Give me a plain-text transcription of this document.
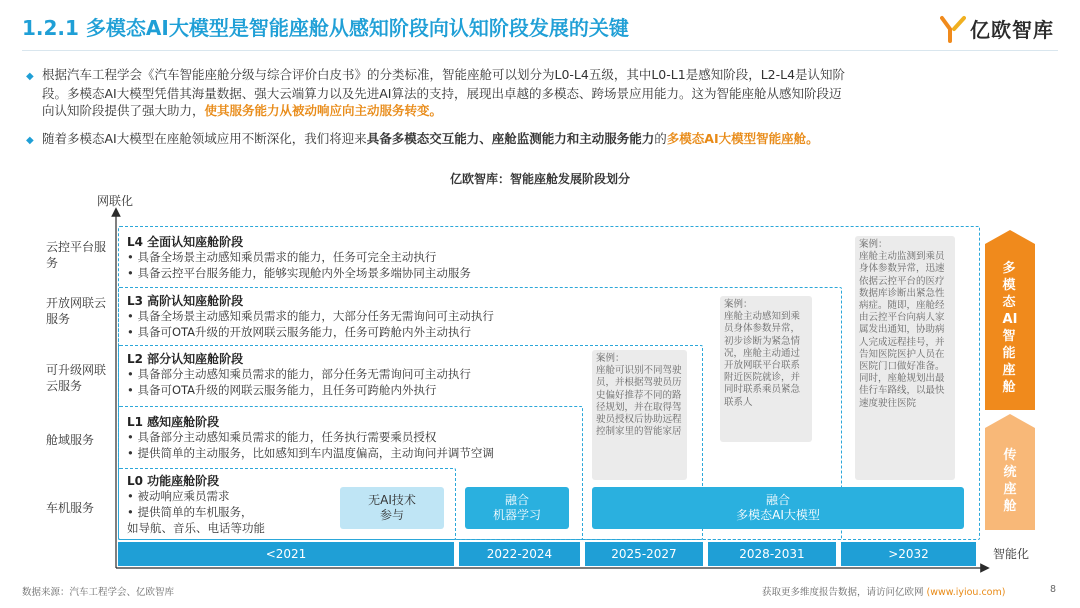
1.2.1 多模态AI大模型是智能座舱从感知阶段向认知阶段发展的关键	亿欧智库
◆ 根据汽车工程学会《汽车智能座舱分级与综合评价白皮书》的分类标准，智能座舱可以划分为L0-L4五级，其中L0-L1是感知阶段，L2-L4是认知阶
段。多模态AI大模型凭借其海量数据、强大云端算力以及先进AI算法的支持，展现出卓越的多模态、跨场景应用能力。这为智能座舱从感知阶段迈
向认知阶段提供了强大助力，使其服务能力从被动响应向主动服务转变。
◆ 随着多模态AI大模型在座舱领域应用不断深化，我们将迎来具备多模态交互能力、座舱监测能力和主动服务能力的多模态AI大模型智能座舱。
亿欧智库：智能座舱发展阶段划分
网联化
智能化
云控平台服务
开放网联云服务
可升级网联云服务
舱域服务
车机服务
L4 全面认知座舱阶段
• 具备全场景主动感知乘员需求的能力，任务可完全主动执行
• 具备云控平台服务能力，能够实现舱内外全场景多端协同主动服务
L3 高阶认知座舱阶段
• 具备全场景主动感知乘员需求的能力，大部分任务无需询问可主动执行
• 具备可OTA升级的开放网联云服务能力，任务可跨舱内外主动执行
L2 部分认知座舱阶段
• 具备部分主动感知乘员需求的能力，部分任务无需询问可主动执行
• 具备可OTA升级的网联云服务能力，且任务可跨舱内外执行
L1 感知座舱阶段
• 具备部分主动感知乘员需求的能力，任务执行需要乘员授权
• 提供简单的主动服务，比如感知到车内温度偏高，主动询问并调节空调
L0 功能座舱阶段
• 被动响应乘员需求
• 提供简单的车机服务，
如导航、音乐、电话等功能
案例：
座舱主动监测到乘员身体参数异常，迅速依据云控平台的医疗数据库诊断出紧急性病症。随即，座舱经由云控平台向病人家属发出通知，协助病人完成远程挂号，并告知医院医护人员在医院门口做好准备。同时，座舱规划出最佳行车路线，以最快速度驶往医院
案例：
座舱主动感知到乘员身体参数异常，初步诊断为紧急情况，座舱主动通过开放网联平台联系附近医院就诊，并同时联系乘员紧急联系人
案例：
座舱可识别不同驾驶员，并根据驾驶员历史偏好推荐不同的路径规划，并在取得驾驶员授权后协助远程控制家里的智能家居
无AI技术
参与
融合
机器学习
融合
多模态AI大模型
<2021	2022-2024	2025-2027	2028-2031	>2032
多
模
态
AI
智
能
座
舱
传
统
座
舱
数据来源：汽车工程学会、亿欧智库	获取更多维度报告数据，请访问亿欧网 (www.iyiou.com)	8
